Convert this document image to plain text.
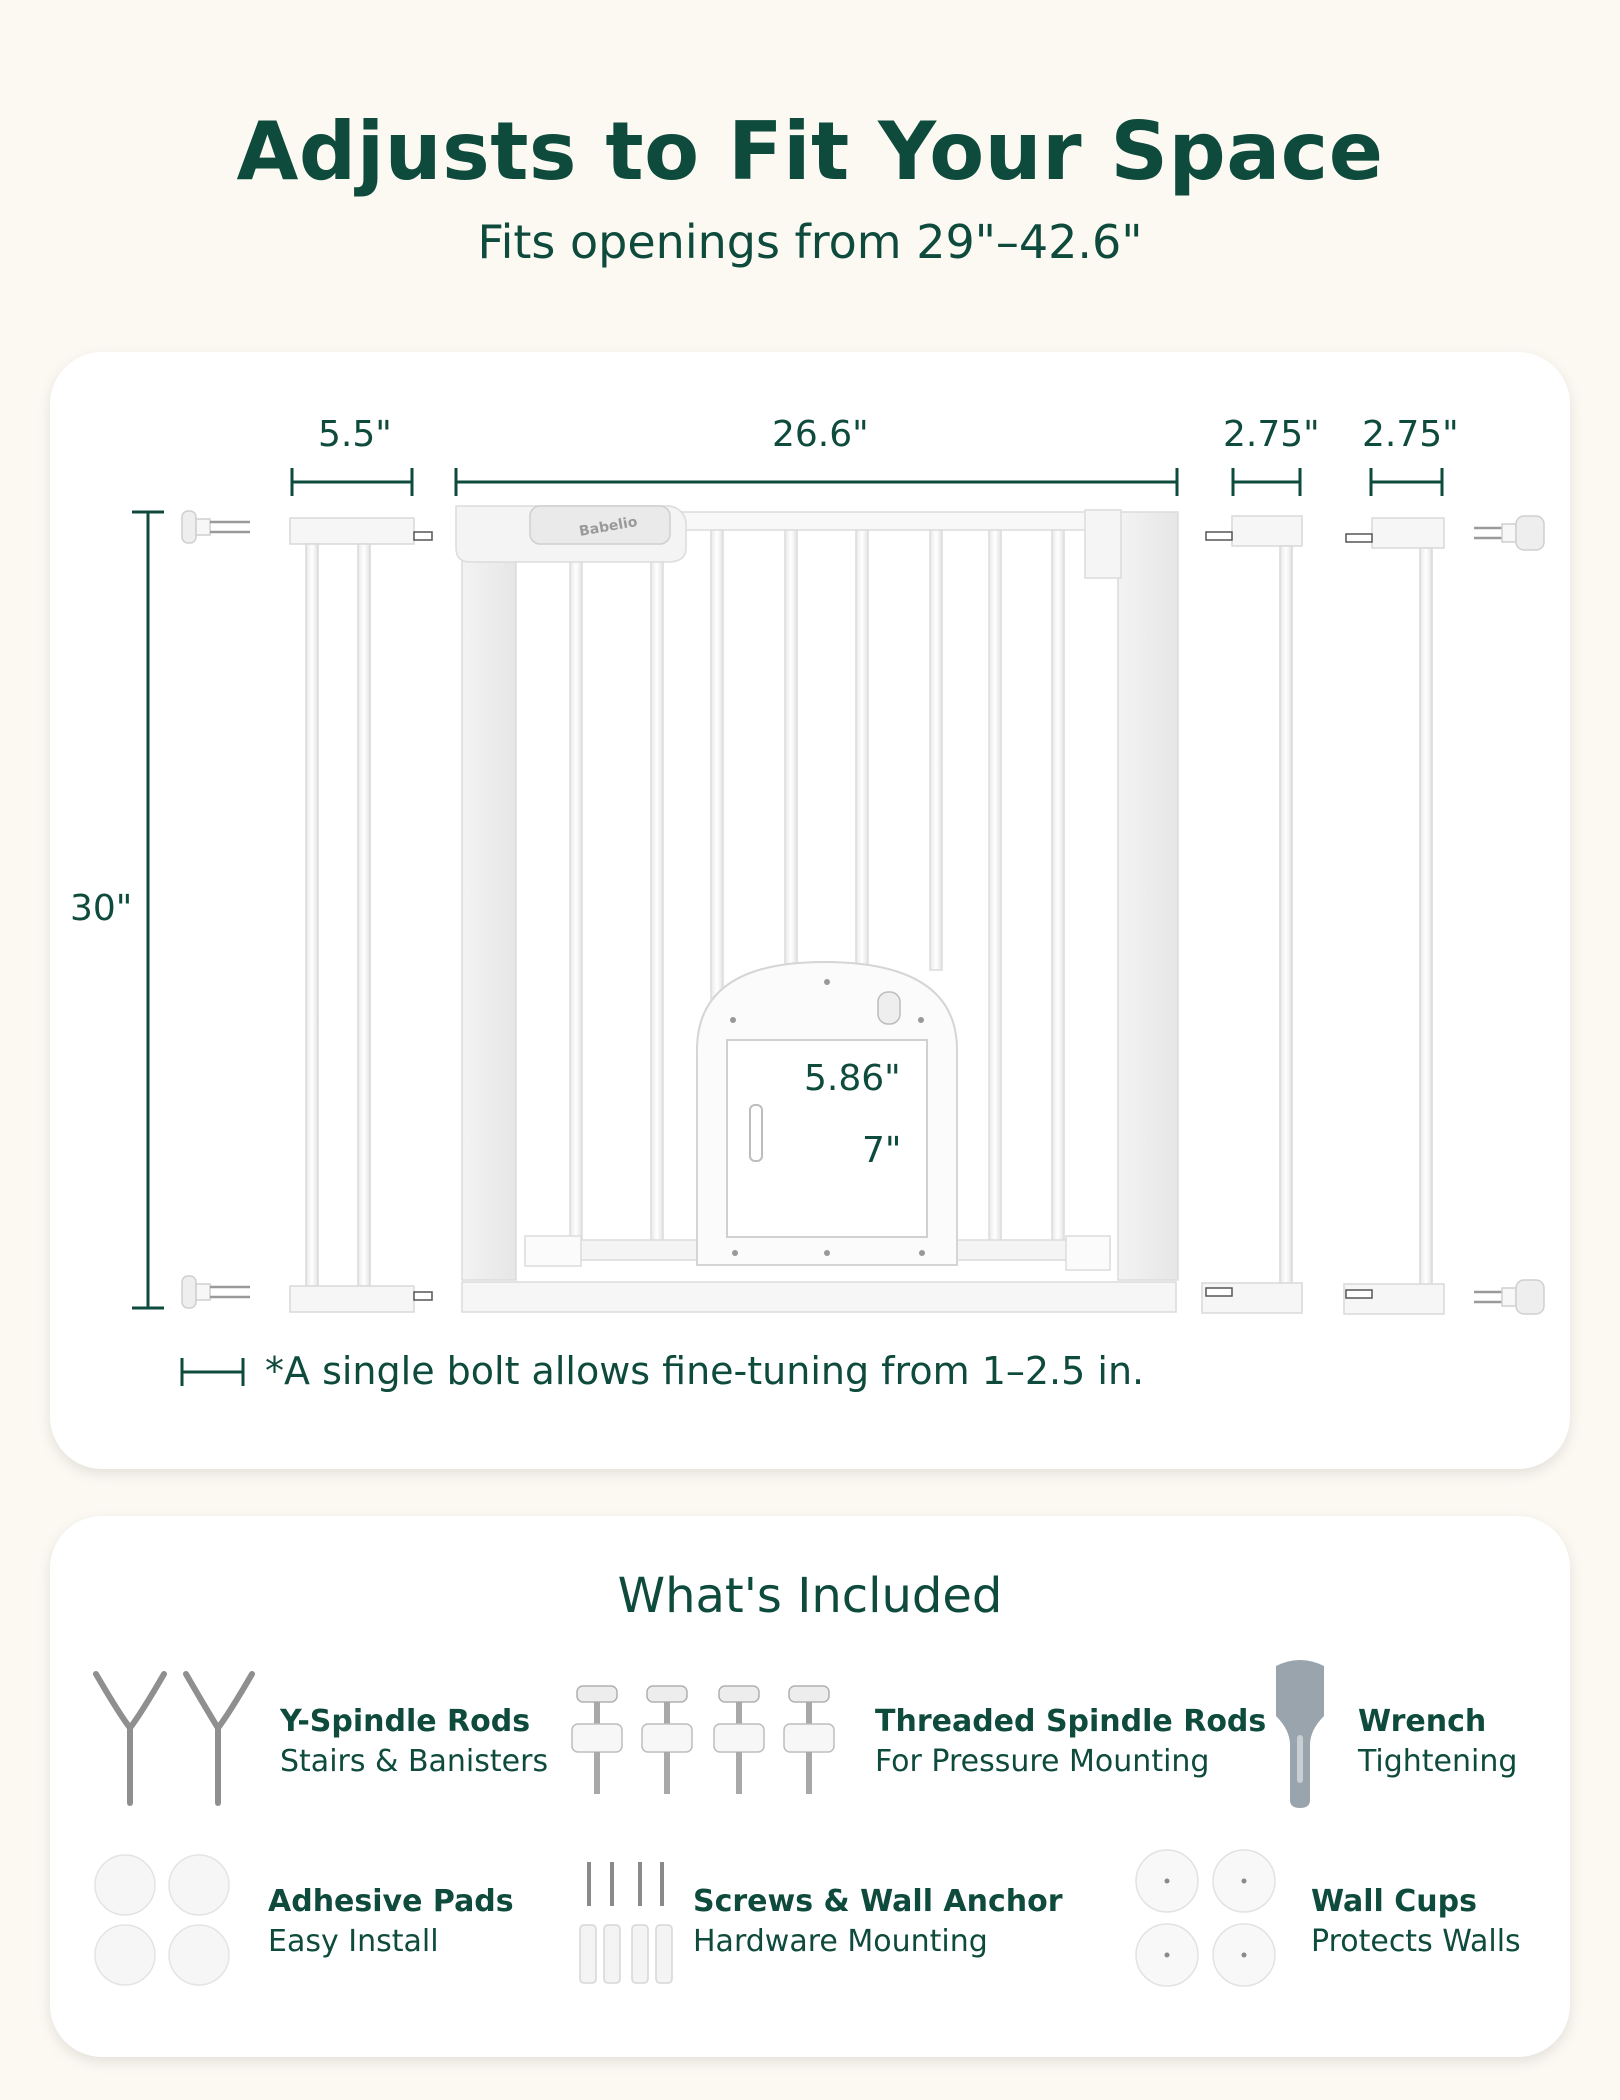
Adjusts to Fit Your Space
Fits openings from 29"–42.6"
Babelio
5.5"	26.6"	2.75" 2.75"
30"
5.86"
7"
*A single bolt allows fine-tuning from 1–2.5 in.
What's Included
Y-Spindle Rods
Stairs & Banisters
Threaded Spindle Rods
For Pressure Mounting
Wrench
Tightening
Adhesive Pads
Easy Install
Screws & Wall Anchor
Hardware Mounting
Wall Cups
Protects Walls
